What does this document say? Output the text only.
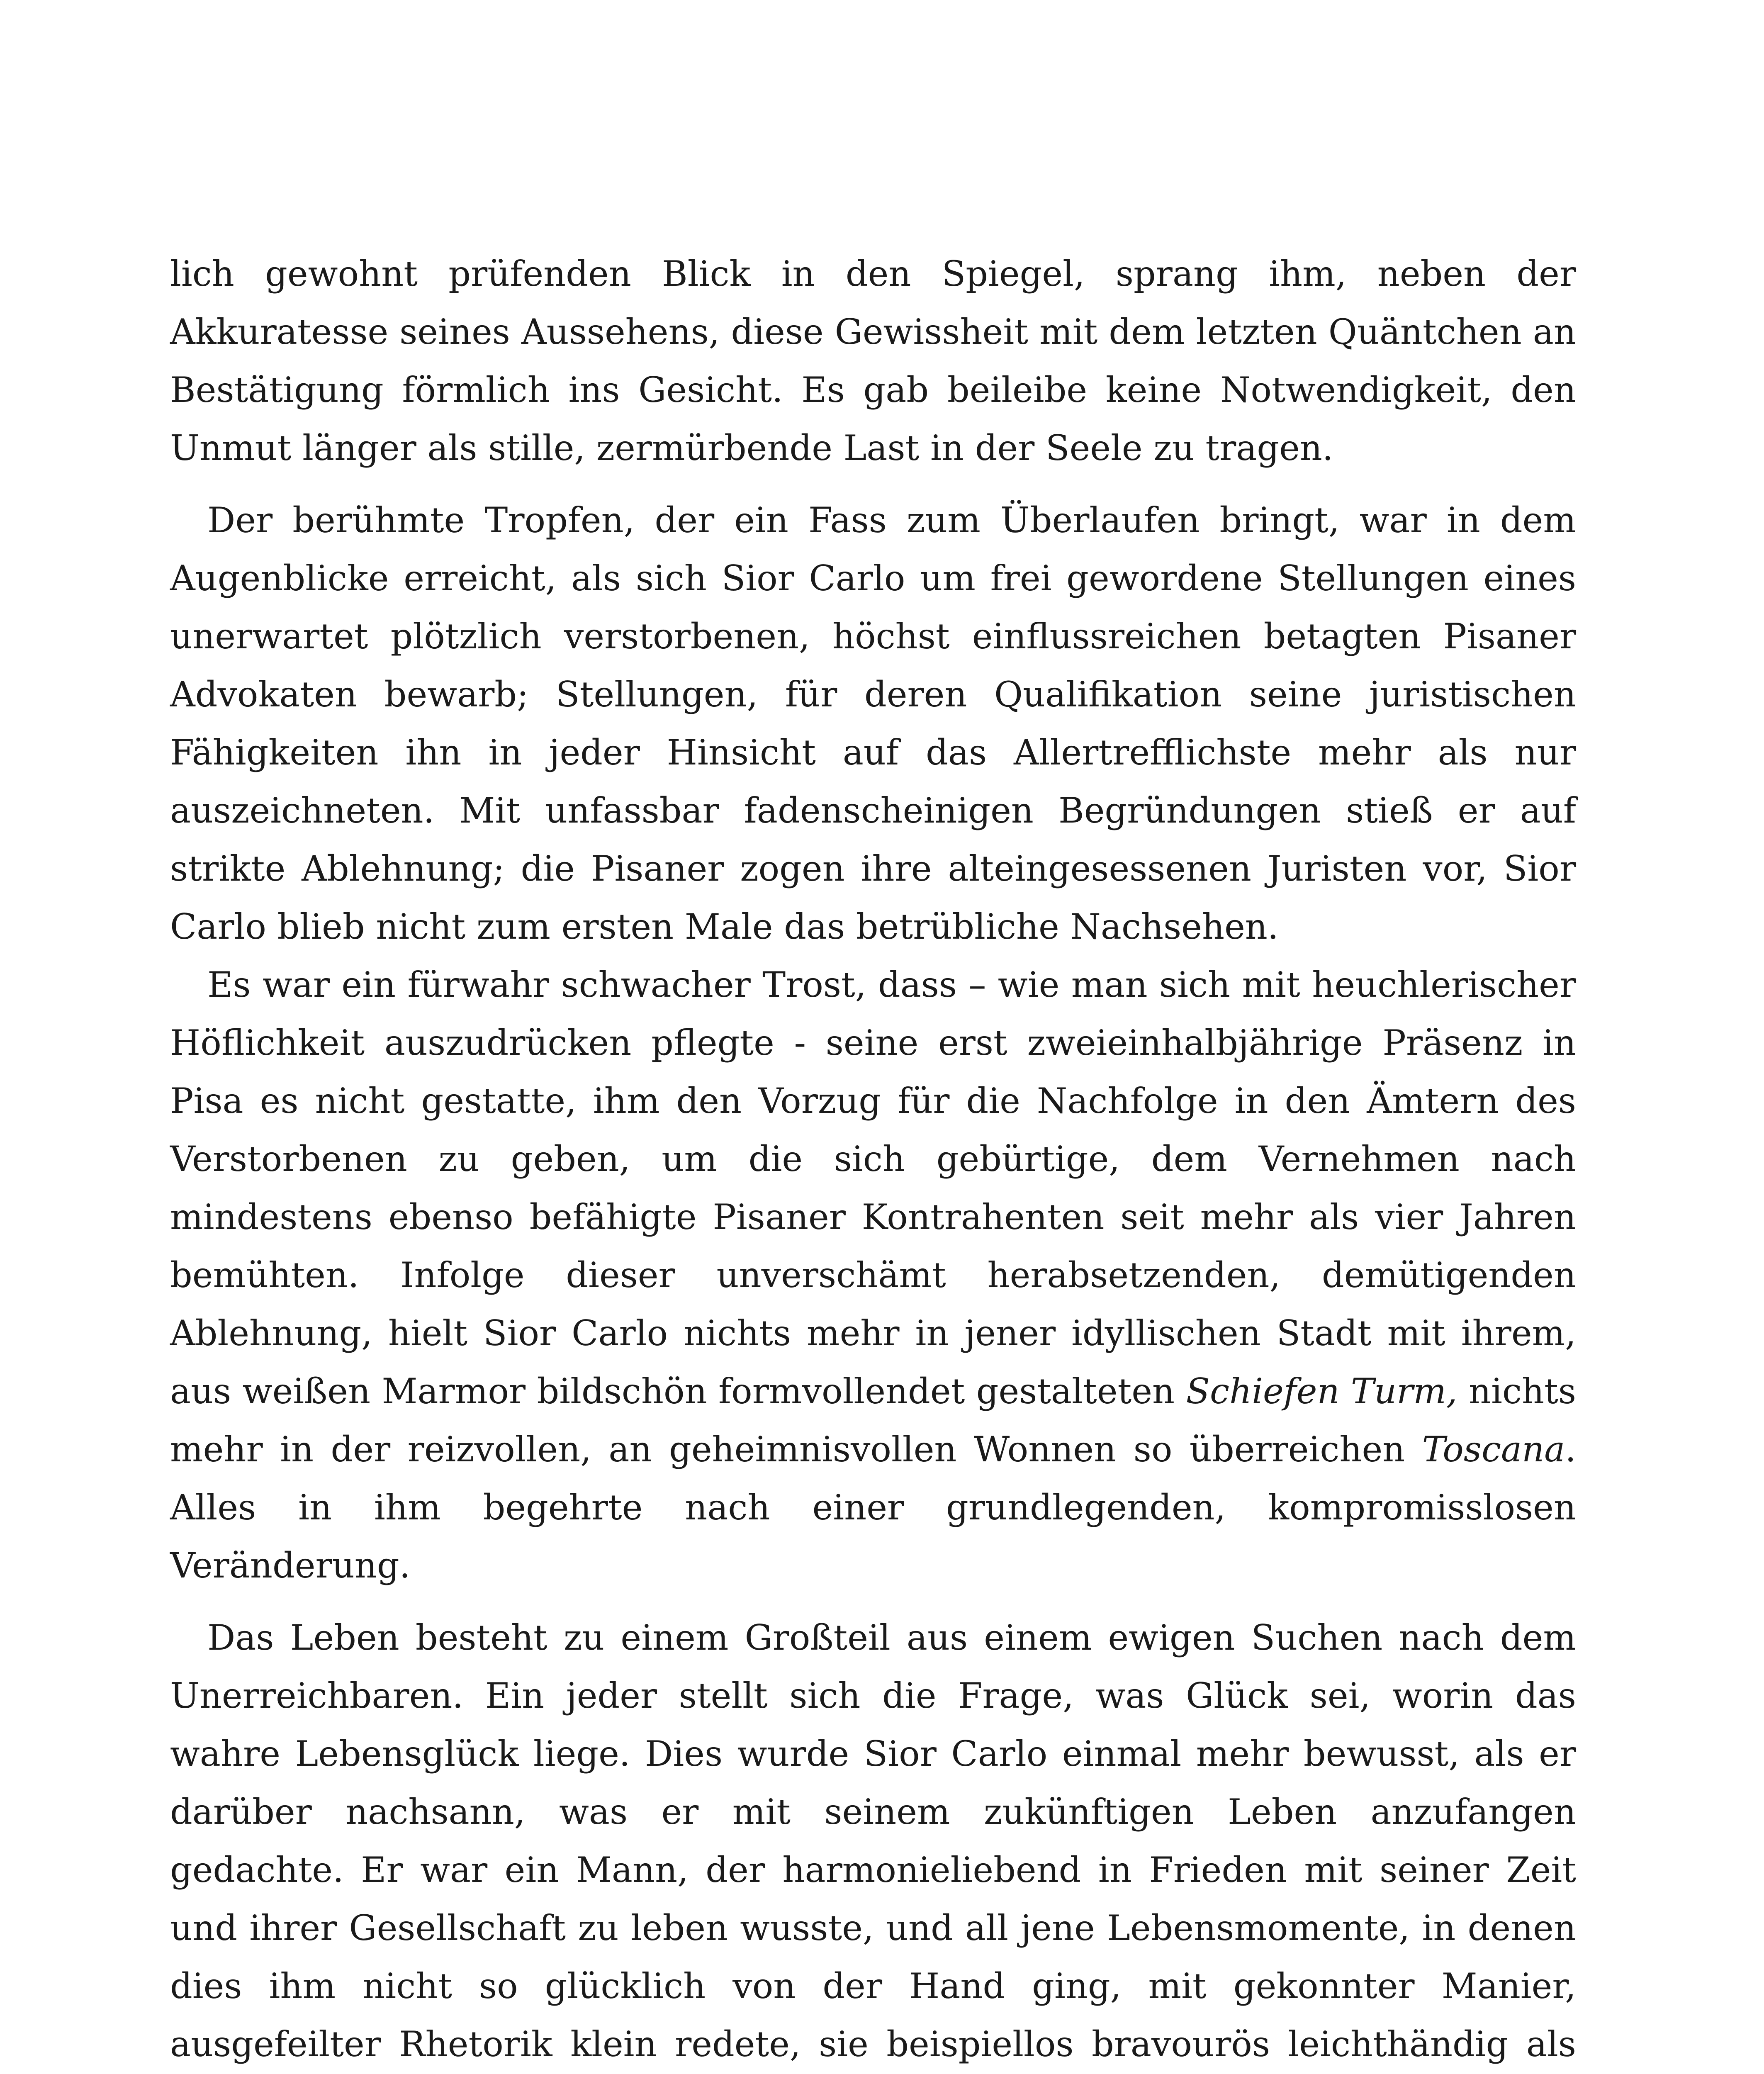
lich gewohnt prüfenden Blick in den Spiegel, sprang ihm, neben der Akkuratesse seines Aussehens, diese Gewissheit mit dem letzten Quäntchen an Bestätigung förmlich ins Gesicht. Es gab beileibe keine Notwendigkeit, den Unmut länger als stille, zermürbende Last in der Seele zu tragen.

Der berühmte Tropfen, der ein Fass zum Überlaufen bringt, war in dem Augenblicke erreicht, als sich Sior Carlo um frei gewordene Stellungen eines unerwartet plötzlich verstorbenen, höchst einflussreichen betagten Pisaner Advokaten bewarb; Stellungen, für deren Qualifikation seine juristischen Fähigkeiten ihn in jeder Hinsicht auf das Allertrefflichste mehr als nur auszeichneten. Mit unfassbar fadenscheinigen Begründungen stieß er auf strikte Ablehnung; die Pisaner zogen ihre alteingesessenen Juristen vor, Sior Carlo blieb nicht zum ersten Male das betrübliche Nachsehen.

Es war ein fürwahr schwacher Trost, dass – wie man sich mit heuchlerischer Höflichkeit auszudrücken pflegte - seine erst zweieinhalbjährige Präsenz in Pisa es nicht gestatte, ihm den Vorzug für die Nachfolge in den Ämtern des Verstorbenen zu geben, um die sich gebürtige, dem Vernehmen nach mindestens ebenso befähigte Pisaner Kontrahenten seit mehr als vier Jahren bemühten. Infolge dieser unverschämt herabsetzenden, demütigenden Ablehnung, hielt Sior Carlo nichts mehr in jener idyllischen Stadt mit ihrem, aus weißen Marmor bildschön formvollendet gestalteten Schiefen Turm, nichts mehr in der reizvollen, an geheimnisvollen Wonnen so überreichen Toscana. Alles in ihm begehrte nach einer grundlegenden, kompromisslosen Veränderung.

Das Leben besteht zu einem Großteil aus einem ewigen Suchen nach dem Unerreichbaren. Ein jeder stellt sich die Frage, was Glück sei, worin das wahre Lebensglück liege. Dies wurde Sior Carlo einmal mehr bewusst, als er darüber nachsann, was er mit seinem zukünftigen Leben anzufangen gedachte. Er war ein Mann, der harmonieliebend in Frieden mit seiner Zeit und ihrer Gesellschaft zu leben wusste, und all jene Lebensmomente, in denen dies ihm nicht so glücklich von der Hand ging, mit gekonnter Manier, ausgefeilter Rhetorik klein redete, sie beispiellos bravourös leichthändig als
